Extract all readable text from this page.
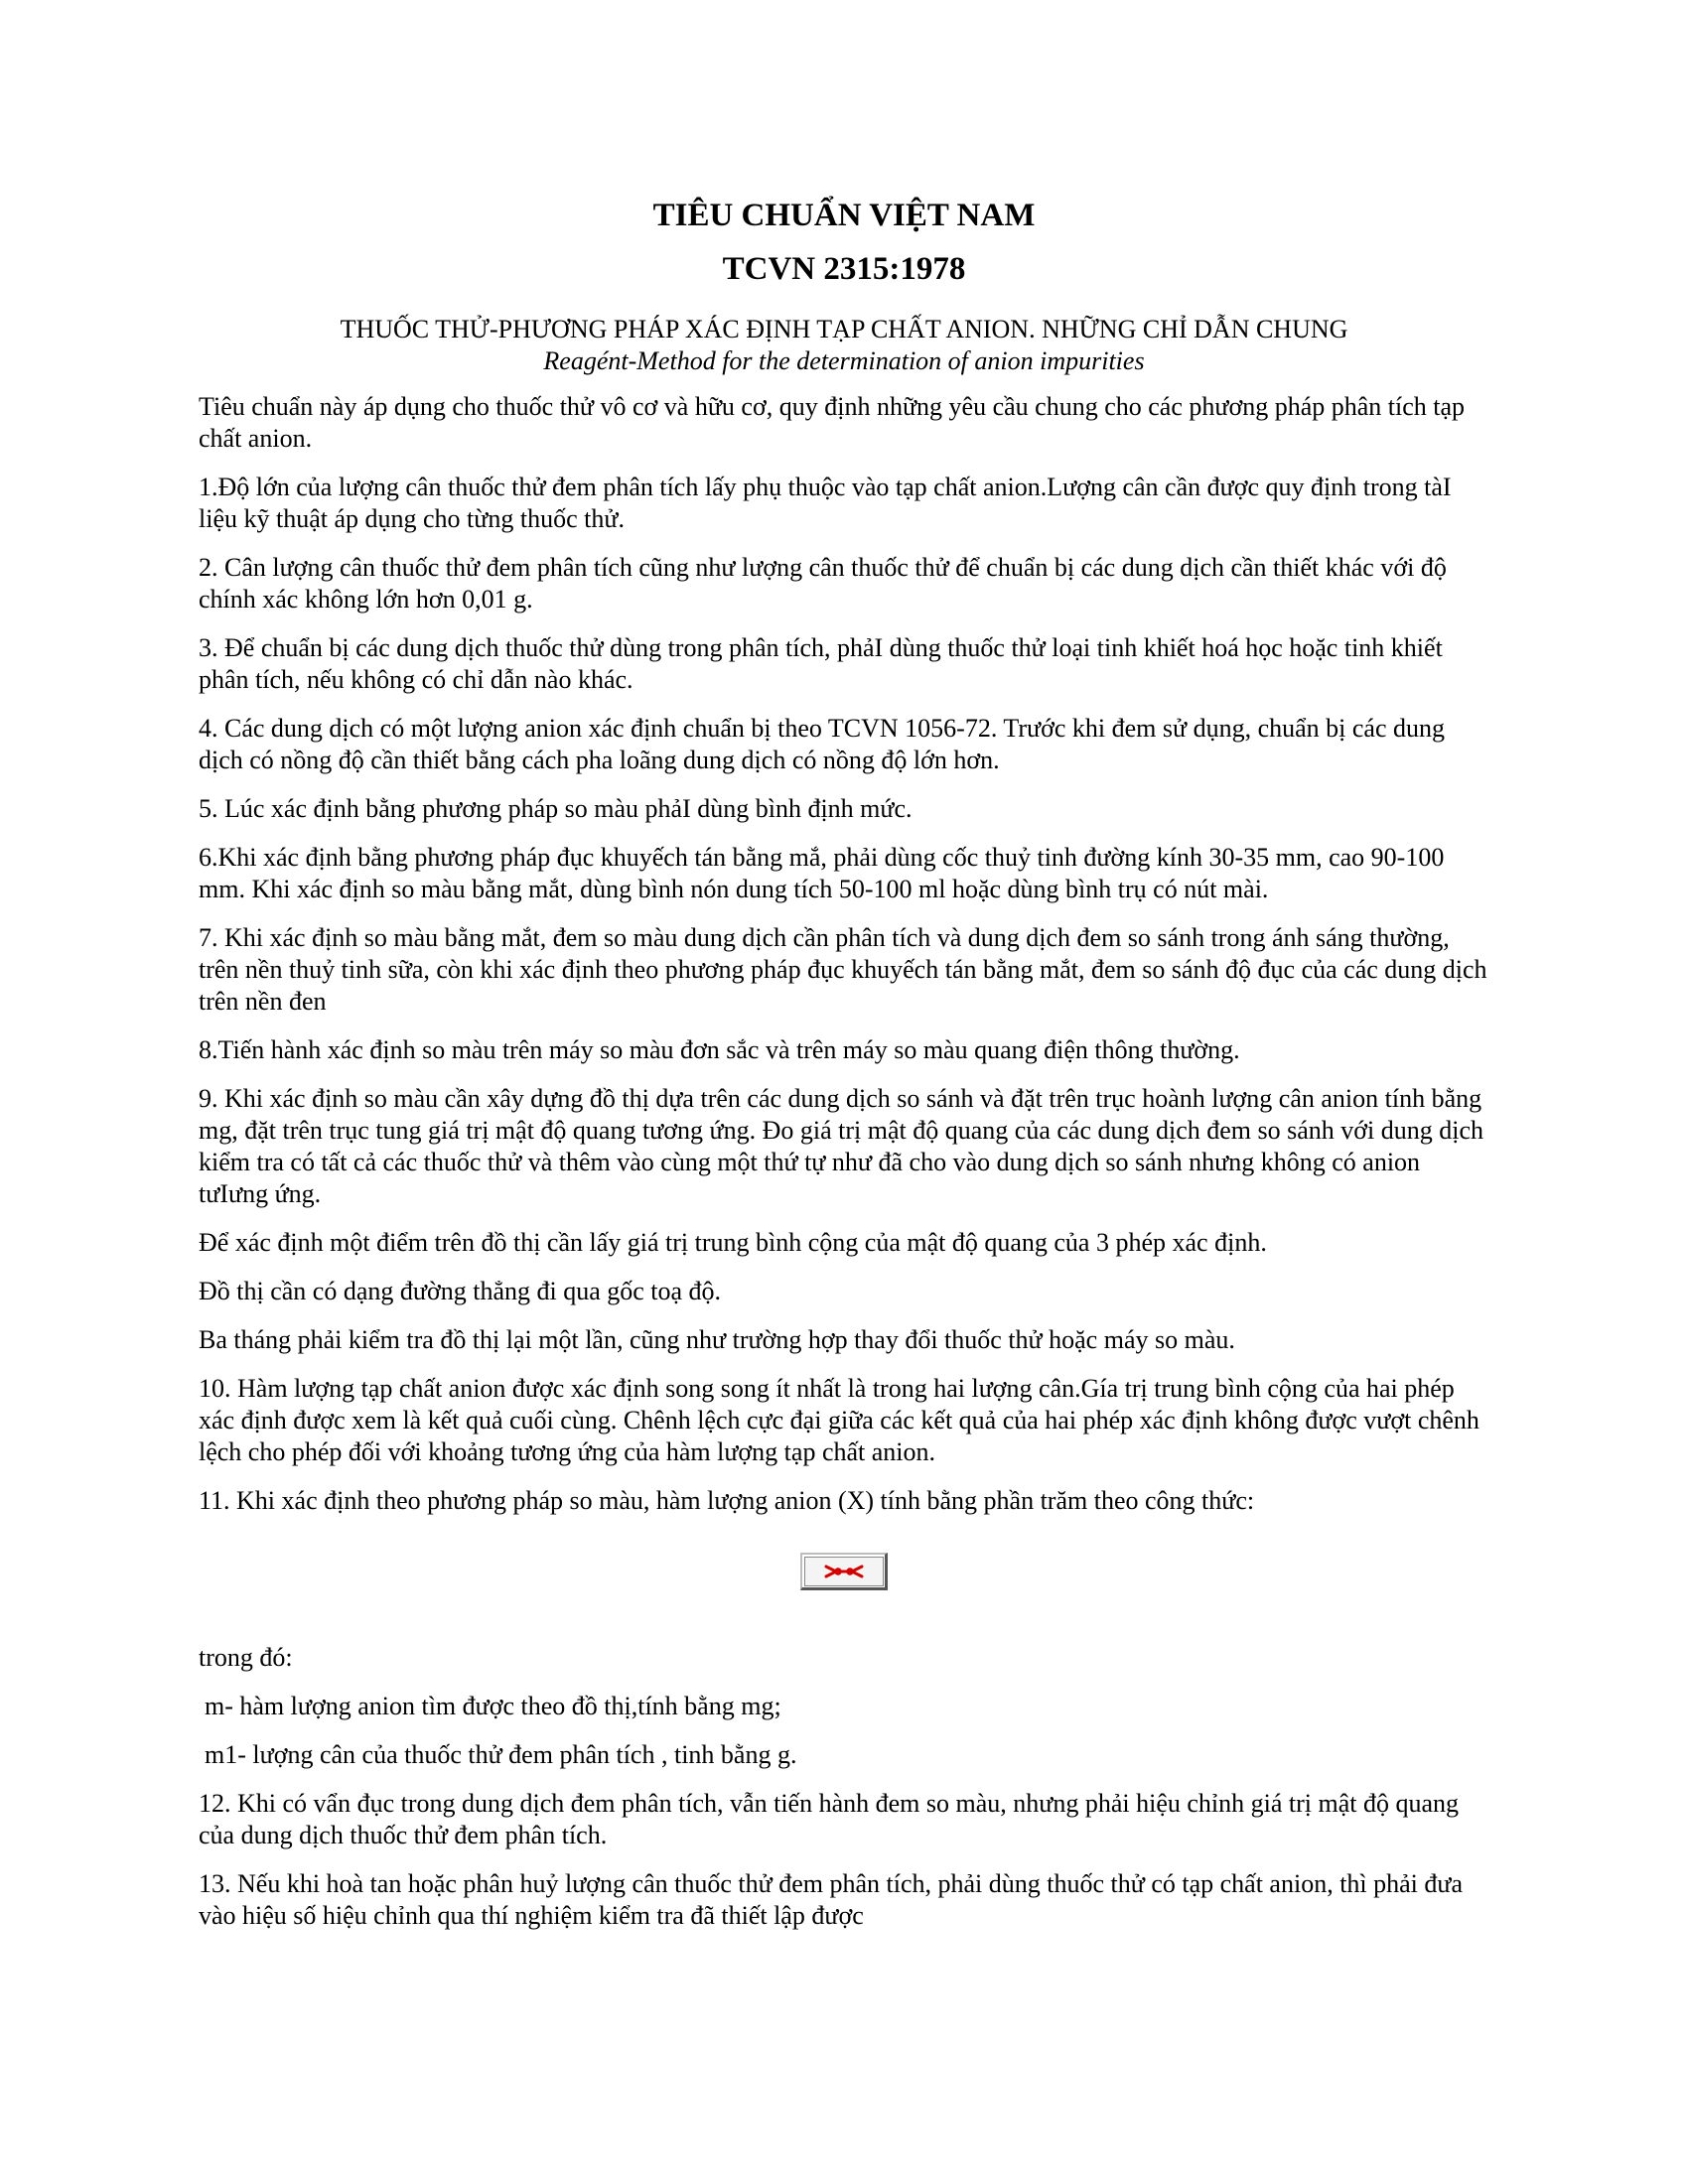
TIÊU CHUẨN VIỆT NAM
TCVN 2315:1978

THUỐC THỬ-PHƯƠNG PHÁP XÁC ĐỊNH TẠP CHẤT ANION. NHỮNG CHỈ DẪN CHUNG

Reagént-Method for the determination of anion impurities

Tiêu chuẩn này áp dụng cho thuốc thử vô cơ và hữu cơ, quy định những yêu cầu chung cho các phương pháp phân tích tạp chất anion.

1.Độ lớn của lượng cân thuốc thử đem phân tích lấy phụ thuộc vào tạp chất anion.Lượng cân cần được quy định trong tàI liệu kỹ thuật áp dụng cho từng thuốc thử.

2. Cân lượng cân thuốc thử đem phân tích cũng như lượng cân thuốc thử để chuẩn bị các dung dịch cần thiết khác với độ chính xác không lớn hơn 0,01 g.

3. Để chuẩn bị các dung dịch thuốc thử dùng trong phân tích, phảI dùng thuốc thử loại tinh khiết hoá học hoặc tinh khiết phân tích, nếu không có chỉ dẫn nào khác.

4. Các dung dịch có một lượng anion xác định chuẩn bị theo TCVN 1056-72. Trước khi đem sử dụng, chuẩn bị các dung dịch có nồng độ cần thiết bằng cách pha loãng dung dịch có nồng độ lớn hơn.

5. Lúc xác định bằng phương pháp so màu phảI dùng bình định mức.

6.Khi xác định bằng phương pháp đục khuyếch tán bằng mắ, phải dùng cốc thuỷ tinh đường kính 30-35 mm, cao 90-100 mm. Khi xác định so màu bằng mắt, dùng bình nón dung tích 50-100 ml hoặc dùng bình trụ có nút mài.

7. Khi xác định so màu bằng mắt, đem so màu dung dịch cần phân tích và dung dịch đem so sánh trong ánh sáng thường, trên nền thuỷ tinh sữa, còn khi xác định theo phương pháp đục khuyếch tán bằng mắt, đem so sánh độ đục của các dung dịch trên nền đen

8.Tiến hành xác định so màu trên máy so màu đơn sắc và trên máy so màu quang điện thông thường.

9. Khi xác định so màu cần xây dựng đồ thị dựa trên các dung dịch so sánh và đặt trên trục hoành lượng cân anion tính bằng mg, đặt trên trục tung giá trị mật độ quang tương ứng. Đo giá trị mật độ quang của các dung dịch đem so sánh với dung dịch kiểm tra có tất cả các thuốc thử và thêm vào cùng một thứ tự như đã cho vào dung dịch so sánh nhưng không có anion tưIưng ứng.

Để xác định một điểm trên đồ thị cần lấy giá trị trung bình cộng của mật độ quang của 3 phép xác định.

Đồ thị cần có dạng đường thẳng đi qua gốc toạ độ.

Ba tháng phải kiểm tra đồ thị lại một lần, cũng như trường hợp thay đổi thuốc thử hoặc máy so màu.

10. Hàm lượng tạp chất anion được xác định song song ít nhất là trong hai lượng cân.Gía trị trung bình cộng của hai phép xác định được xem là kết quả cuối cùng. Chênh lệch cực đại giữa các kết quả của hai phép xác định không được vượt chênh lệch cho phép đối với khoảng tương ứng của hàm lượng tạp chất anion.

11. Khi xác định theo phương pháp so màu, hàm lượng anion (X) tính bằng phần trăm theo công thức:

trong đó:

m- hàm lượng anion tìm được theo đồ thị,tính bằng mg;

m1- lượng cân của thuốc thử đem phân tích , tinh bằng g.

12. Khi có vẩn đục trong dung dịch đem phân tích, vẫn tiến hành đem so màu, nhưng phải hiệu chỉnh giá trị mật độ quang của dung dịch thuốc thử đem phân tích.

13. Nếu khi hoà tan hoặc phân huỷ lượng cân thuốc thử đem phân tích, phải dùng thuốc thử có tạp chất anion, thì phải đưa vào hiệu số hiệu chỉnh qua thí nghiệm kiểm tra đã thiết lập được
